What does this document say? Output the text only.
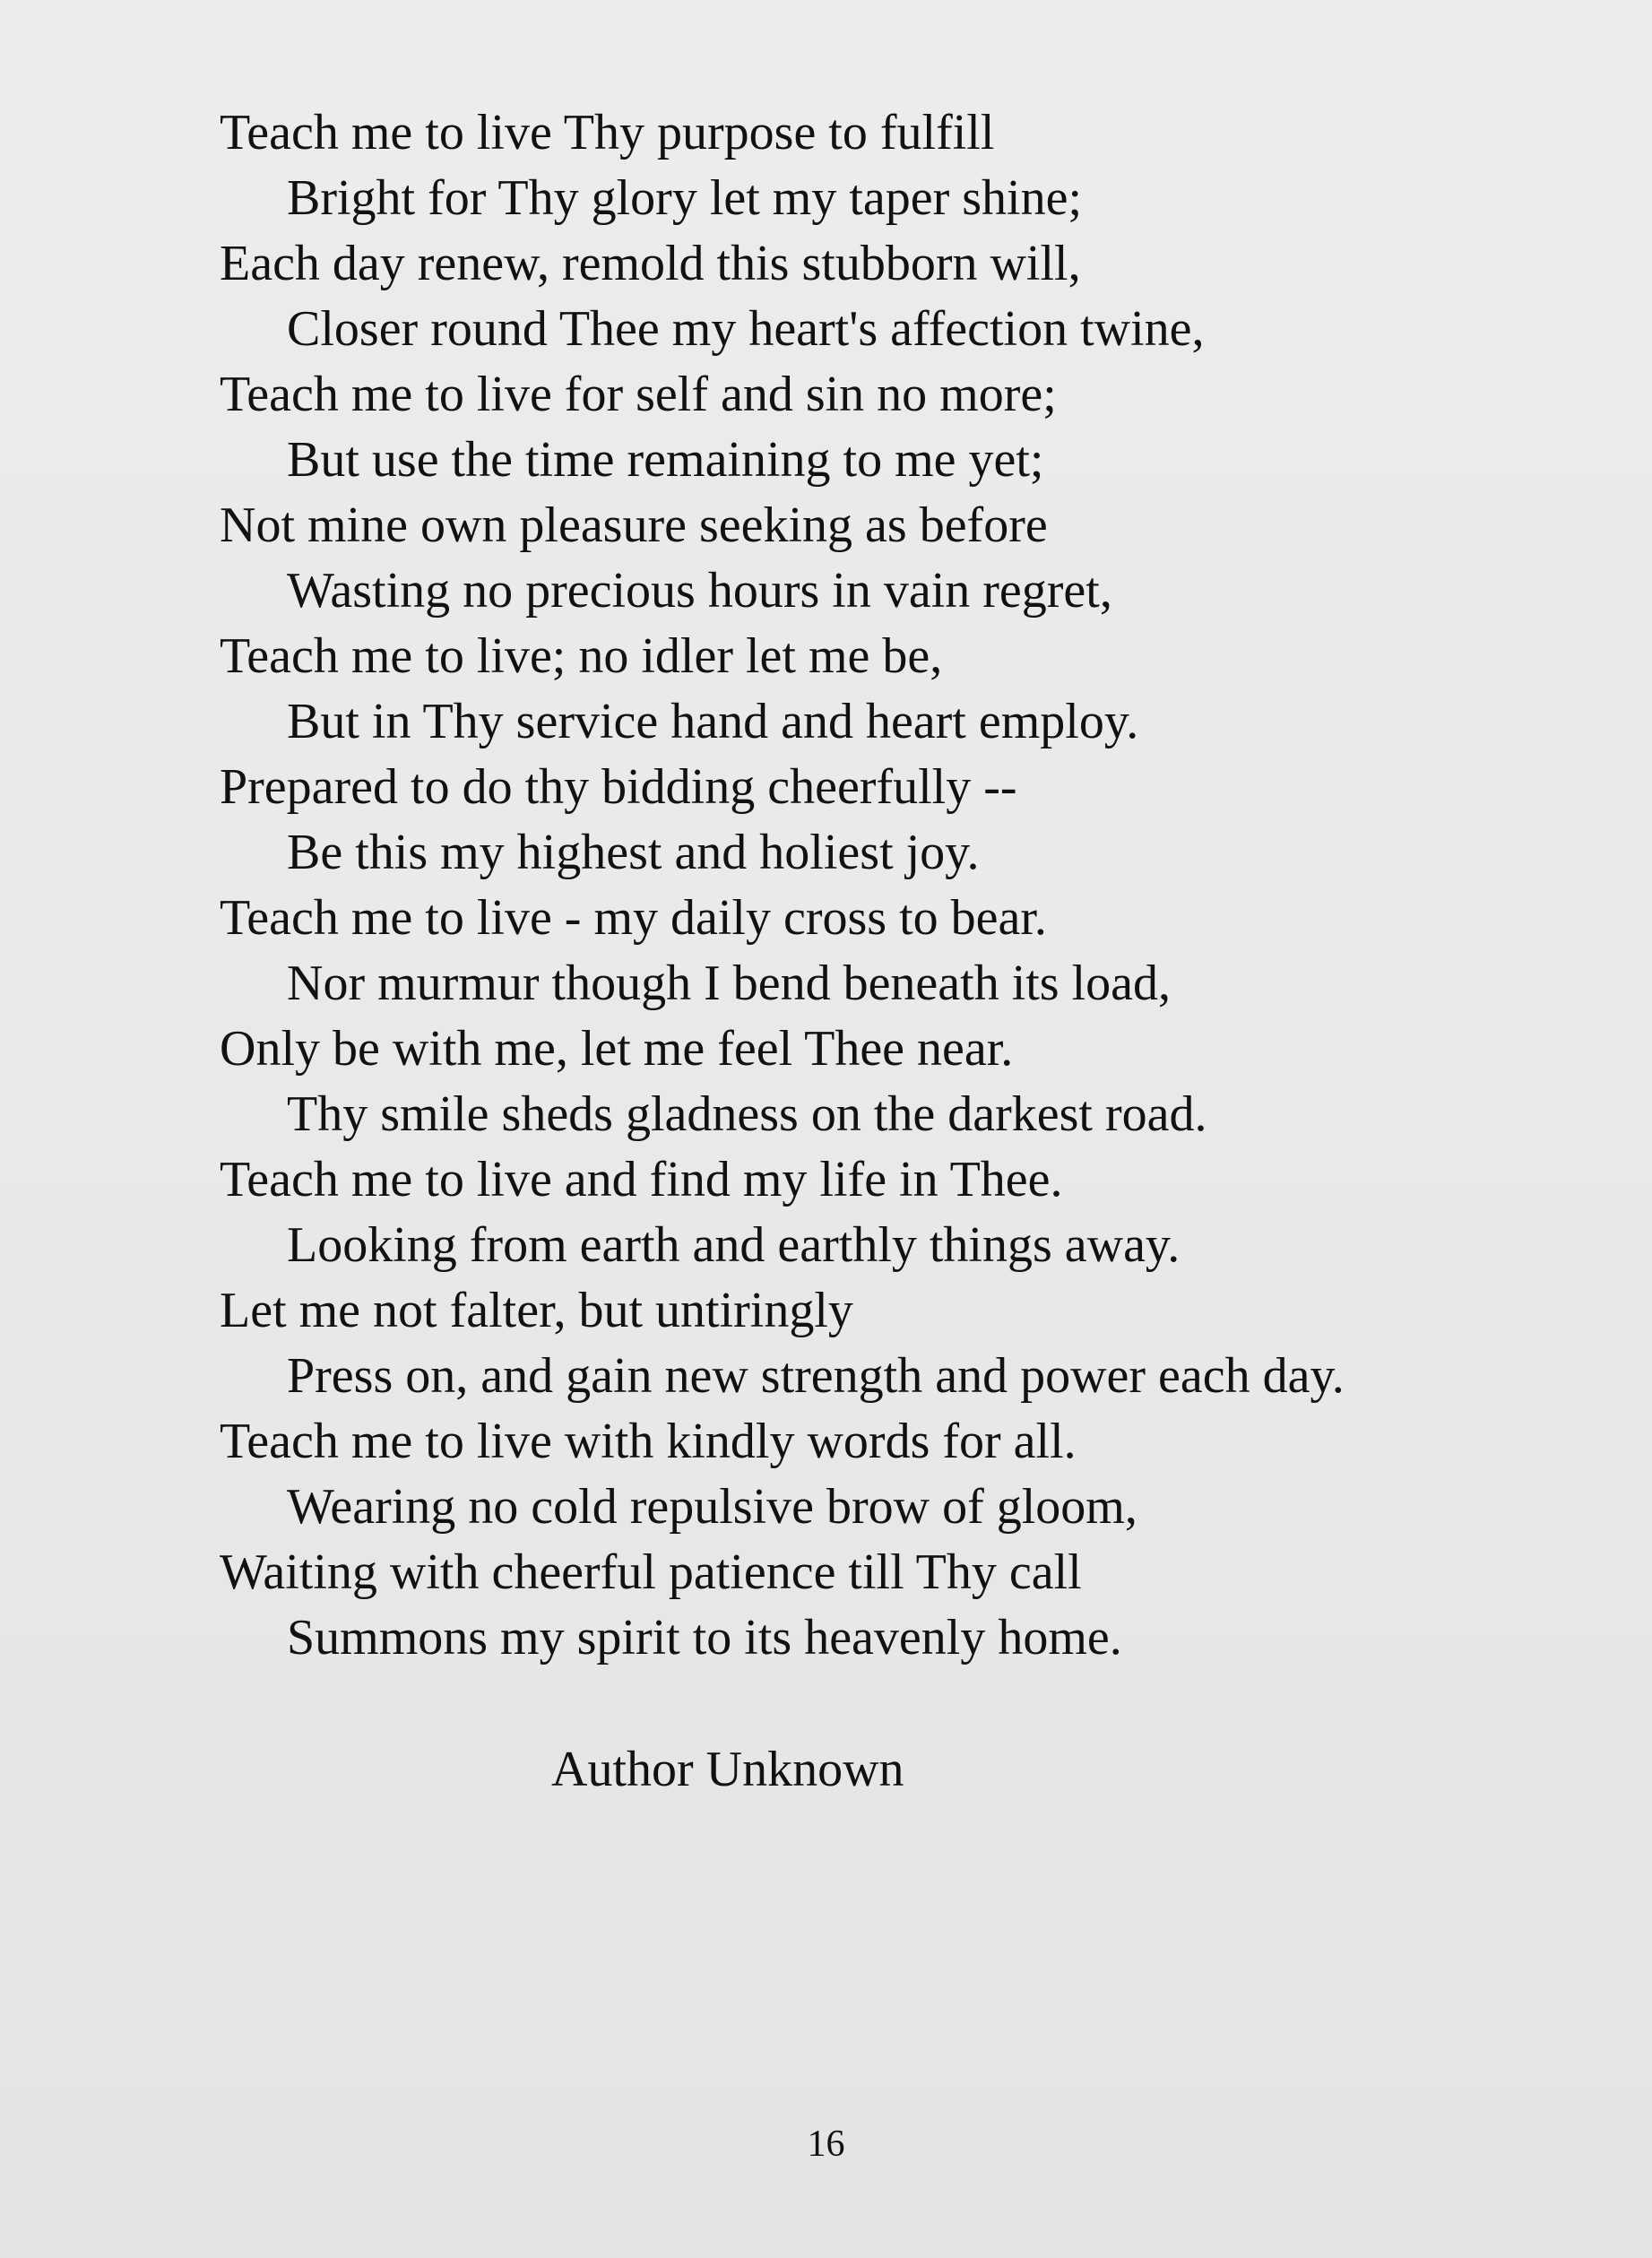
Teach me to live Thy purpose to fulfill
Bright for Thy glory let my taper shine;
Each day renew, remold this stubborn will,
Closer round Thee my heart's affection twine,
Teach me to live for self and sin no more;
But use the time remaining to me yet;
Not mine own pleasure seeking as before
Wasting no precious hours in vain regret,
Teach me to live; no idler let me be,
But in Thy service hand and heart employ.
Prepared to do thy bidding cheerfully --
Be this my highest and holiest joy.
Teach me to live - my daily cross to bear.
Nor murmur though I bend beneath its load,
Only be with me, let me feel Thee near.
Thy smile sheds gladness on the darkest road.
Teach me to live and find my life in Thee.
Looking from earth and earthly things away.
Let me not falter, but untiringly
Press on, and gain new strength and power each day.
Teach me to live with kindly words for all.
Wearing no cold repulsive brow of gloom,
Waiting with cheerful patience till Thy call
Summons my spirit to its heavenly home.
Author Unknown
16
